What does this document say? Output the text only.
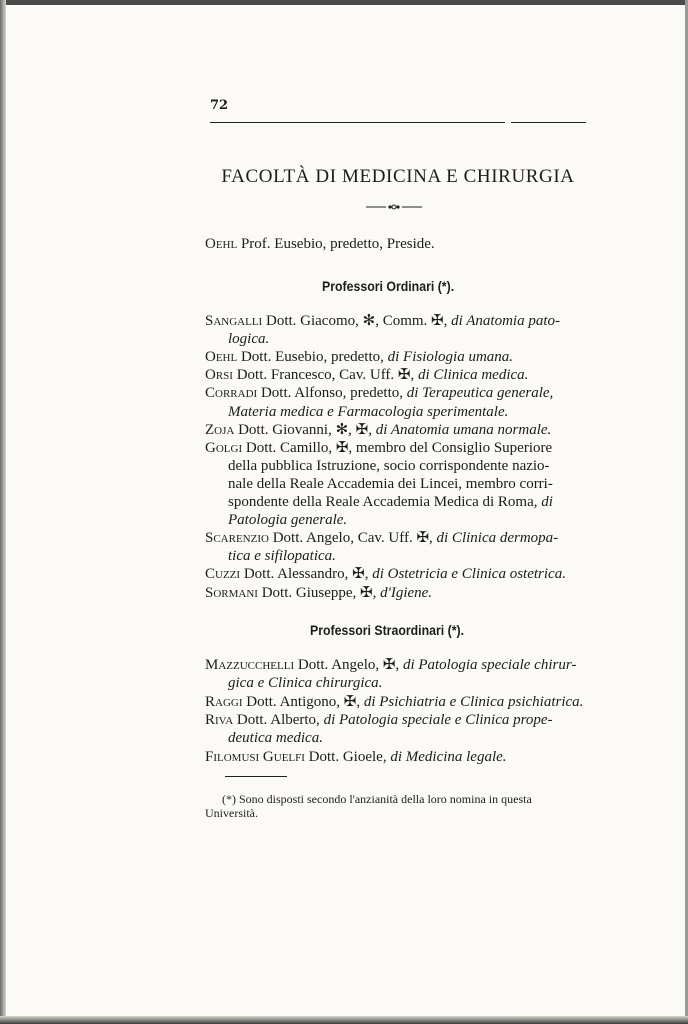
72
FACOLTÀ DI MEDICINA E CHIRURGIA
Oehl Prof. Eusebio, predetto, Preside.
Professori Ordinari (*).
Sangalli Dott. Giacomo, ✻, Comm. ✠, di Anatomia pato-
logica.
Oehl Dott. Eusebio, predetto, di Fisiologia umana.
Orsi Dott. Francesco, Cav. Uff. ✠, di Clinica medica.
Corradi Dott. Alfonso, predetto, di Terapeutica generale,
Materia medica e Farmacologia sperimentale.
Zoja Dott. Giovanni, ✻, ✠, di Anatomia umana normale.
Golgi Dott. Camillo, ✠, membro del Consiglio Superiore
della pubblica Istruzione, socio corrispondente nazio-
nale della Reale Accademia dei Lincei, membro corri-
spondente della Reale Accademia Medica di Roma, di
Patologia generale.
Scarenzio Dott. Angelo, Cav. Uff. ✠, di Clinica dermopa-
tica e sifilopatica.
Cuzzi Dott. Alessandro, ✠, di Ostetricia e Clinica ostetrica.
Sormani Dott. Giuseppe, ✠, d'Igiene.
Professori Straordinari (*).
Mazzucchelli Dott. Angelo, ✠, di Patologia speciale chirur-
gica e Clinica chirurgica.
Raggi Dott. Antigono, ✠, di Psichiatria e Clinica psichiatrica.
Riva Dott. Alberto, di Patologia speciale e Clinica prope-
deutica medica.
Filomusi Guelfi Dott. Gioele, di Medicina legale.
(*) Sono disposti secondo l'anzianità della loro nomina in questa
Università.
